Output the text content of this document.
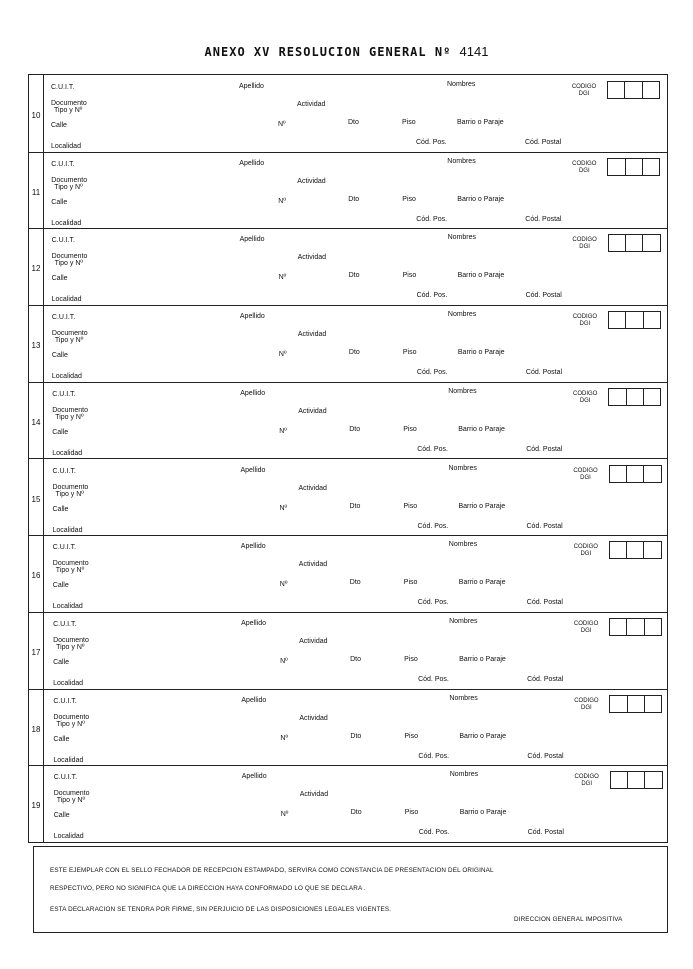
ANEXO XV RESOLUCION GENERAL Nº 4141
10
C.U.I.T.	Apellido	Nombres
Documento
Tipo y Nº
Actividad
Calle	Nº	Dto	Piso	Barrio o Paraje
Localidad
Cód. Pos.	Cód. Postal
CODIGO
DGI
11
C.U.I.T.	Apellido	Nombres
Documento
Tipo y Nº
Actividad
Calle	Nº	Dto	Piso	Barrio o Paraje
Localidad
Cód. Pos.	Cód. Postal
CODIGO
DGI
12
C.U.I.T.	Apellido	Nombres
Documento
Tipo y Nº
Actividad
Calle	Nº	Dto	Piso	Barrio o Paraje
Localidad
Cód. Pos.	Cód. Postal
CODIGO
DGI
13
C.U.I.T.	Apellido	Nombres
Documento
Tipo y Nº
Actividad
Calle	Nº	Dto	Piso	Barrio o Paraje
Localidad
Cód. Pos.	Cód. Postal
CODIGO
DGI
14
C.U.I.T.	Apellido	Nombres
Documento
Tipo y Nº
Actividad
Calle	Nº	Dto	Piso	Barrio o Paraje
Localidad
Cód. Pos.	Cód. Postal
CODIGO
DGI
15
C.U.I.T.	Apellido	Nombres
Documento
Tipo y Nº
Actividad
Calle	Nº	Dto	Piso	Barrio o Paraje
Localidad
Cód. Pos.	Cód. Postal
CODIGO
DGI
16
C.U.I.T.	Apellido	Nombres
Documento
Tipo y Nº
Actividad
Calle	Nº	Dto	Piso	Barrio o Paraje
Localidad
Cód. Pos.	Cód. Postal
CODIGO
DGI
17
C.U.I.T.	Apellido	Nombres
Documento
Tipo y Nº
Actividad
Calle	Nº	Dto	Piso	Barrio o Paraje
Localidad
Cód. Pos.	Cód. Postal
CODIGO
DGI
18
C.U.I.T.	Apellido	Nombres
Documento
Tipo y Nº
Actividad
Calle	Nº	Dto	Piso	Barrio o Paraje
Localidad
Cód. Pos.	Cód. Postal
CODIGO
DGI
19
C.U.I.T.	Apellido	Nombres
Documento
Tipo y Nº
Actividad
Calle	Nº	Dto	Piso	Barrio o Paraje
Localidad
Cód. Pos.	Cód. Postal
CODIGO
DGI
ESTE EJEMPLAR CON EL SELLO FECHADOR DE RECEPCION ESTAMPADO, SERVIRA COMO CONSTANCIA DE PRESENTACION DEL ORIGINAL
RESPECTIVO, PERO NO SIGNIFICA QUE LA DIRECCION HAYA CONFORMADO LO QUE SE DECLARA .
ESTA DECLARACION SE TENDRA POR FIRME, SIN PERJUICIO DE LAS DISPOSICIONES LEGALES VIGENTES.
DIRECCION GENERAL IMPOSITIVA
